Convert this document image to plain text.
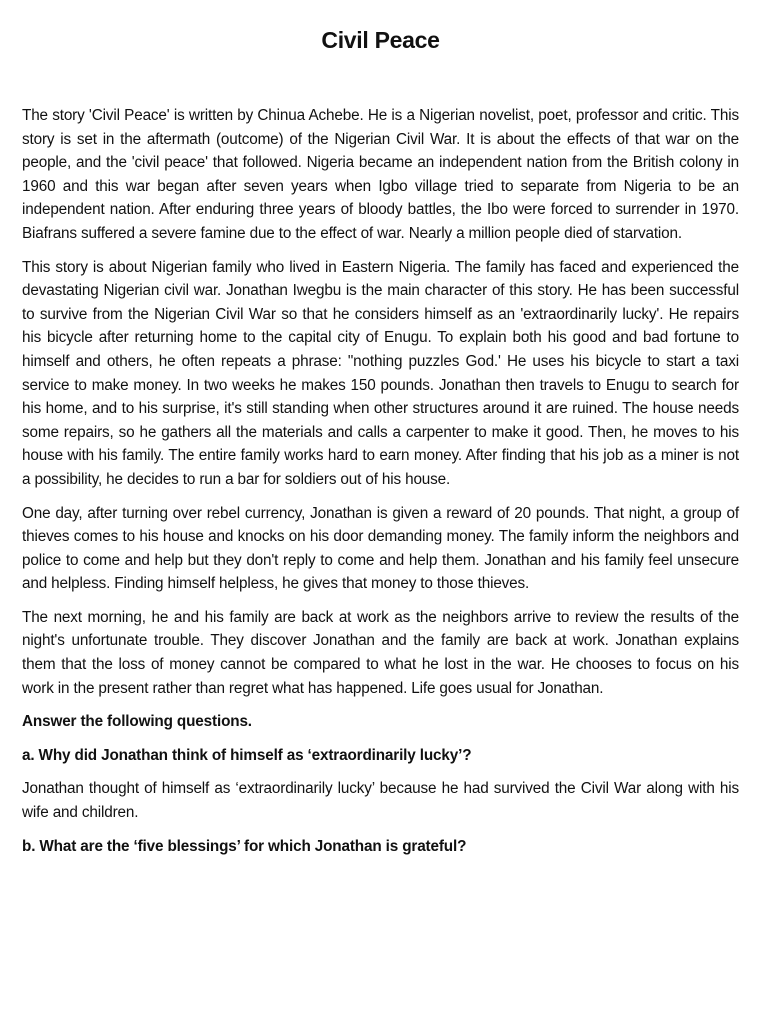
Civil Peace

The story 'Civil Peace' is written by Chinua Achebe. He is a Nigerian novelist, poet, professor and critic. This story is set in the aftermath (outcome) of the Nigerian Civil War. It is about the effects of that war on the people, and the 'civil peace' that followed. Nigeria became an independent nation from the British colony in 1960 and this war began after seven years when Igbo village tried to separate from Nigeria to be an independent nation. After enduring three years of bloody battles, the Ibo were forced to surrender in 1970. Biafrans suffered a severe famine due to the effect of war. Nearly a million people died of starvation.

This story is about Nigerian family who lived in Eastern Nigeria. The family has faced and experienced the devastating Nigerian civil war. Jonathan Iwegbu is the main character of this story. He has been successful to survive from the Nigerian Civil War so that he considers himself as an 'extraordinarily lucky'. He repairs his bicycle after returning home to the capital city of Enugu. To explain both his good and bad fortune to himself and others, he often repeats a phrase: "nothing puzzles God.' He uses his bicycle to start a taxi service to make money. In two weeks he makes 150 pounds. Jonathan then travels to Enugu to search for his home, and to his surprise, it's still standing when other structures around it are ruined. The house needs some repairs, so he gathers all the materials and calls a carpenter to make it good. Then, he moves to his house with his family. The entire family works hard to earn money. After finding that his job as a miner is not a possibility, he decides to run a bar for soldiers out of his house.

One day, after turning over rebel currency, Jonathan is given a reward of 20 pounds. That night, a group of thieves comes to his house and knocks on his door demanding money. The family inform the neighbors and police to come and help but they don't reply to come and help them. Jonathan and his family feel unsecure and helpless. Finding himself helpless, he gives that money to those thieves.

The next morning, he and his family are back at work as the neighbors arrive to review the results of the night's unfortunate trouble. They discover Jonathan and the family are back at work. Jonathan explains them that the loss of money cannot be compared to what he lost in the war. He chooses to focus on his work in the present rather than regret what has happened. Life goes usual for Jonathan.

Answer the following questions.

a. Why did Jonathan think of himself as ‘extraordinarily lucky’?

Jonathan thought of himself as ‘extraordinarily lucky’ because he had survived the Civil War along with his wife and children.

b. What are the ‘five blessings’ for which Jonathan is grateful?
